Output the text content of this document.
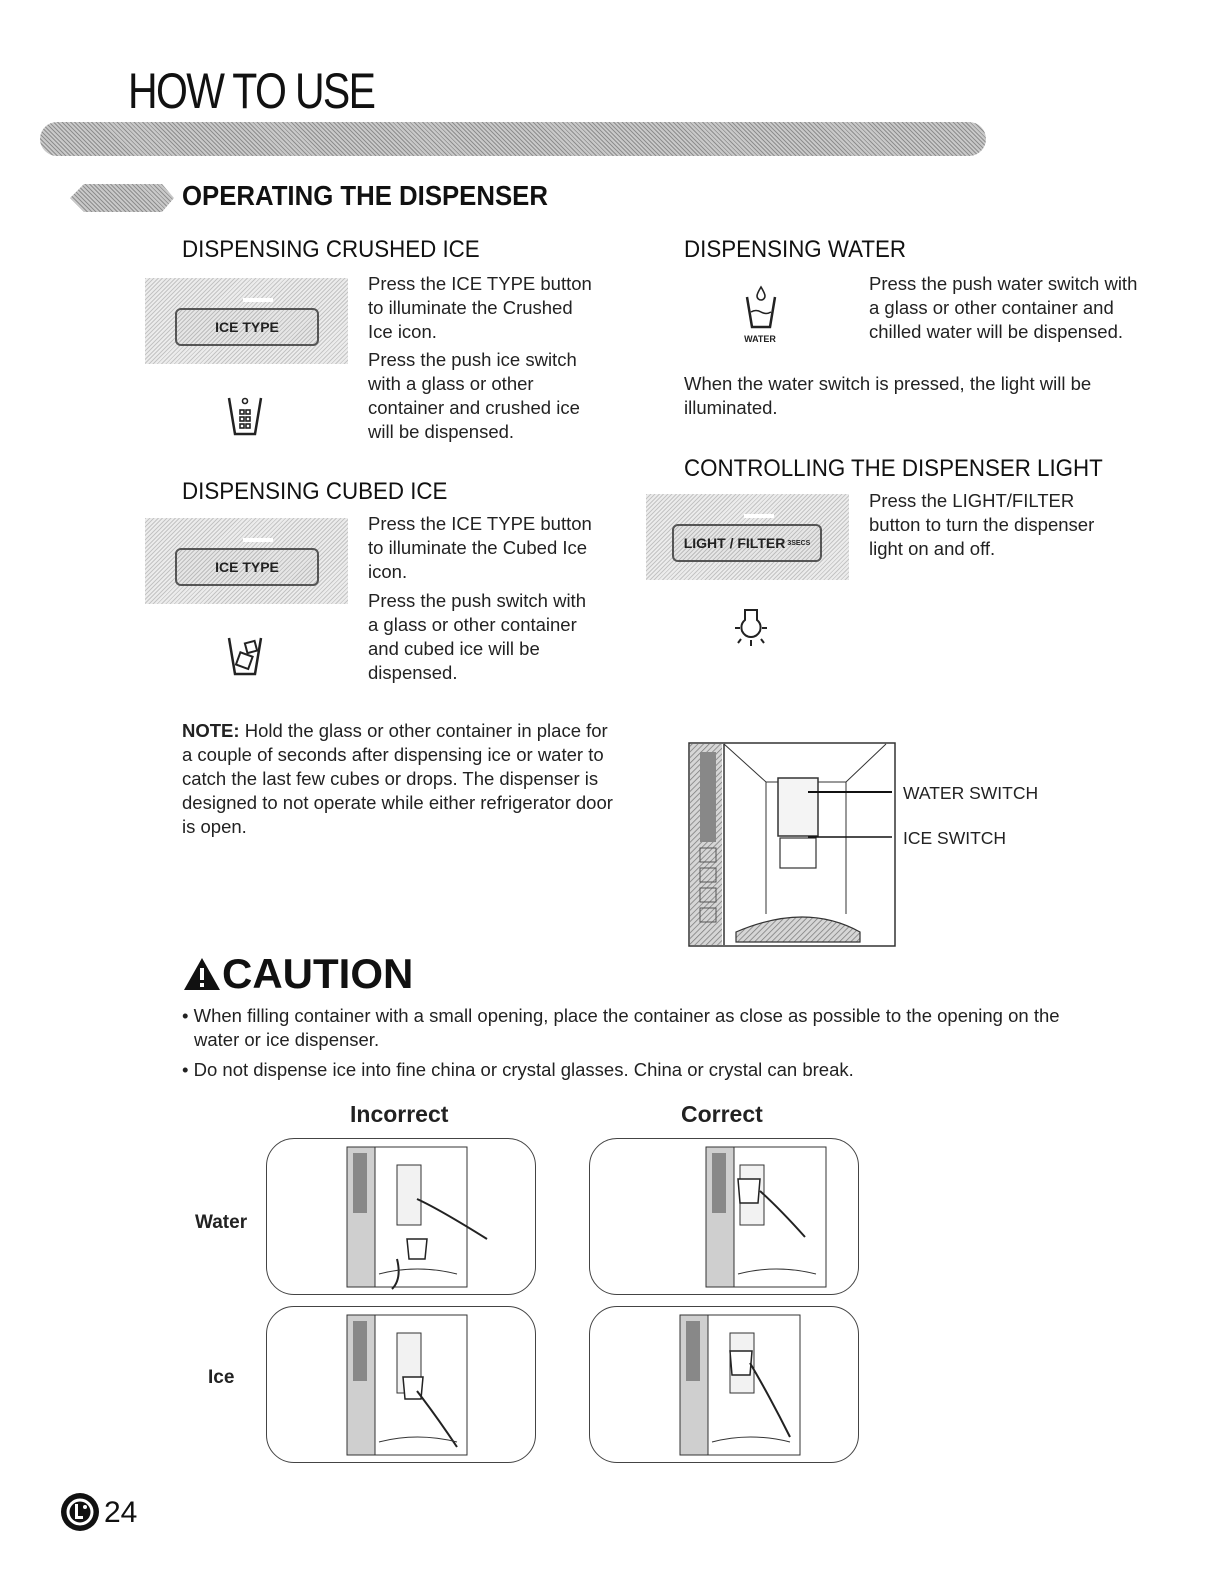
HOW TO USE
OPERATING THE DISPENSER
DISPENSING CRUSHED ICE
ICE TYPE

Press the ICE TYPE button to illuminate the Crushed Ice icon.

Press the push ice switch with a glass or other container and crushed ice will be dispensed.

DISPENSING CUBED ICE
ICE TYPE

Press the ICE TYPE button to illuminate the Cubed Ice icon.

Press the push switch with a glass or other container and cubed ice will be dispensed.

NOTE: Hold the glass or other container in place for a couple of seconds after dispensing ice or water to catch the last few cubes or drops. The dispenser is designed to not operate while either refrigerator door is open.

DISPENSING WATER
WATER

Press the push water switch with a glass or other container and chilled water will be dispensed.

When the water switch is pressed, the light will be illuminated.

CONTROLLING THE DISPENSER LIGHT
LIGHT / FILTER 3SECS

Press the LIGHT/FILTER button to turn the dispenser light on and off.

WATER SWITCH

ICE SWITCH

CAUTION

• When filling container with a small opening, place the container as close as possible to the opening on the water or ice dispenser.

• Do not dispense ice into fine china or crystal glasses. China or crystal can break.

Incorrect	Correct

Water

Ice

24
